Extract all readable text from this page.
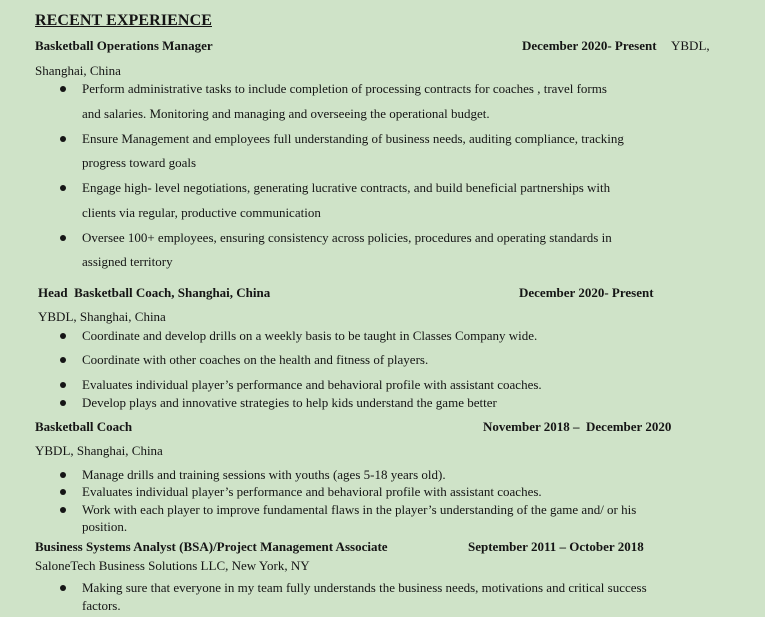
RECENT EXPERIENCE
Basketball Operations Manager	December 2020- Present YBDL,
Shanghai, China
Perform administrative tasks to include completion of processing contracts for coaches , travel forms
and salaries. Monitoring and managing and overseeing the operational budget.
Ensure Management and employees full understanding of business needs, auditing compliance, tracking
progress toward goals
Engage high- level negotiations, generating lucrative contracts, and build beneficial partnerships with
clients via regular, productive communication
Oversee 100+ employees, ensuring consistency across policies, procedures and operating standards in
assigned territory
Head  Basketball Coach, Shanghai, China	December 2020- Present
YBDL, Shanghai, China
Coordinate and develop drills on a weekly basis to be taught in Classes Company wide.
Coordinate with other coaches on the health and fitness of players.
Evaluates individual player’s performance and behavioral profile with assistant coaches.
Develop plays and innovative strategies to help kids understand the game better
Basketball Coach	November 2018 –  December 2020
YBDL, Shanghai, China
Manage drills and training sessions with youths (ages 5-18 years old).
Evaluates individual player’s performance and behavioral profile with assistant coaches.
Work with each player to improve fundamental flaws in the player’s understanding of the game and/ or his
position.
Business Systems Analyst (BSA)/Project Management Associate	September 2011 – October 2018
SaloneTech Business Solutions LLC, New York, NY
Making sure that everyone in my team fully understands the business needs, motivations and critical success
factors.
